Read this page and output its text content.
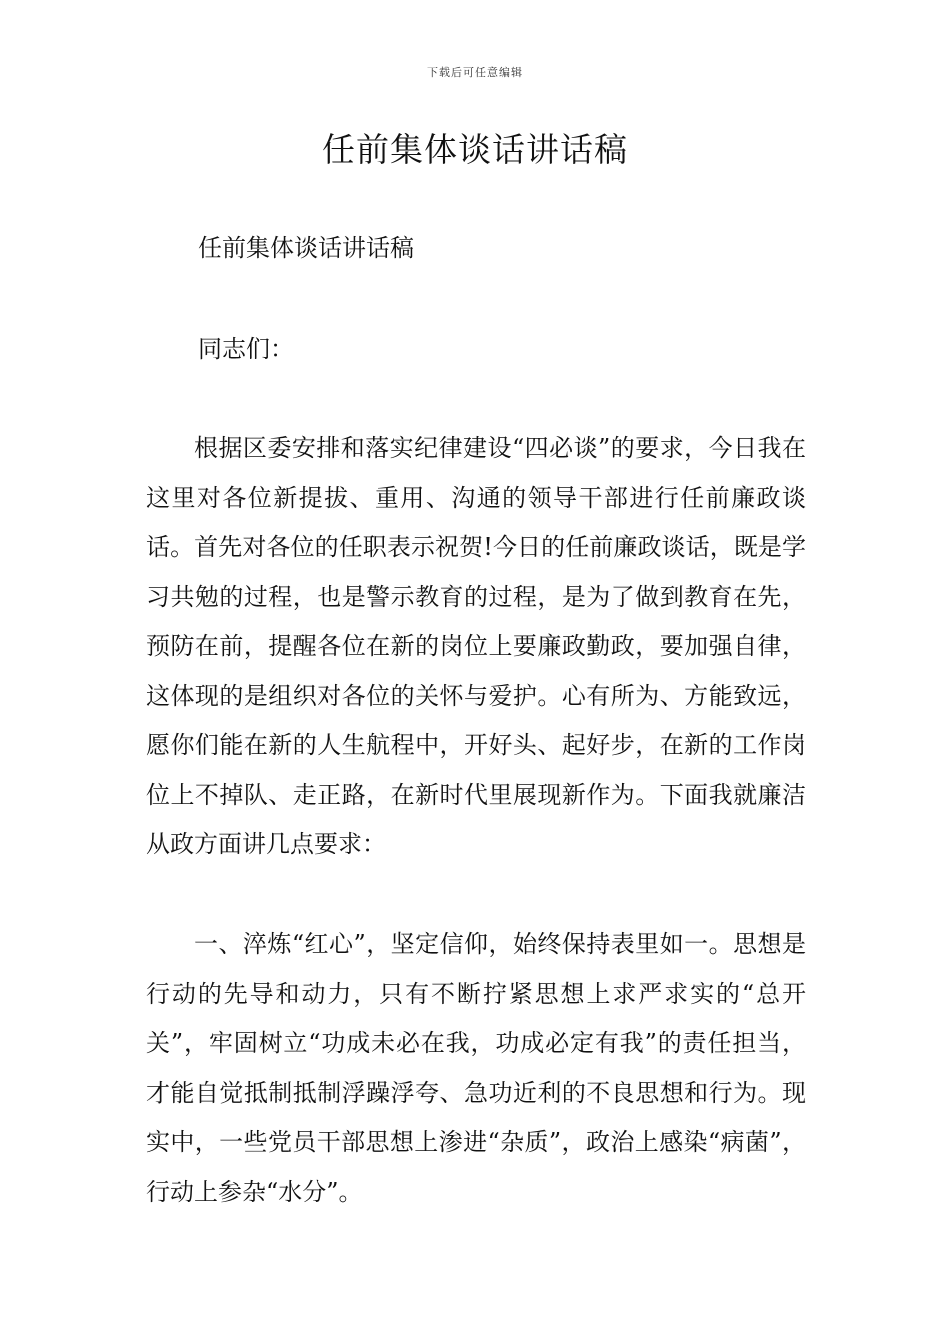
下载后可任意编辑
任前集体谈话讲话稿

任前集体谈话讲话稿

同志们：

根据区委安排和落实纪律建设“四必谈”的要求，今日我在这里对各位新提拔、重用、沟通的领导干部进行任前廉政谈话。首先对各位的任职表示祝贺!今日的任前廉政谈话，既是学习共勉的过程，也是警示教育的过程，是为了做到教育在先，预防在前，提醒各位在新的岗位上要廉政勤政，要加强自律，这体现的是组织对各位的关怀与爱护。心有所为、方能致远，愿你们能在新的人生航程中，开好头、起好步，在新的工作岗位上不掉队、走正路，在新时代里展现新作为。下面我就廉洁从政方面讲几点要求：

一、淬炼“红心”，坚定信仰，始终保持表里如一。思想是行动的先导和动力，只有不断拧紧思想上求严求实的“总开关”，牢固树立“功成未必在我，功成必定有我”的责任担当，才能自觉抵制抵制浮躁浮夸、急功近利的不良思想和行为。现实中，一些党员干部思想上渗进“杂质”，政治上感染“病菌”，行动上参杂“水分”。
